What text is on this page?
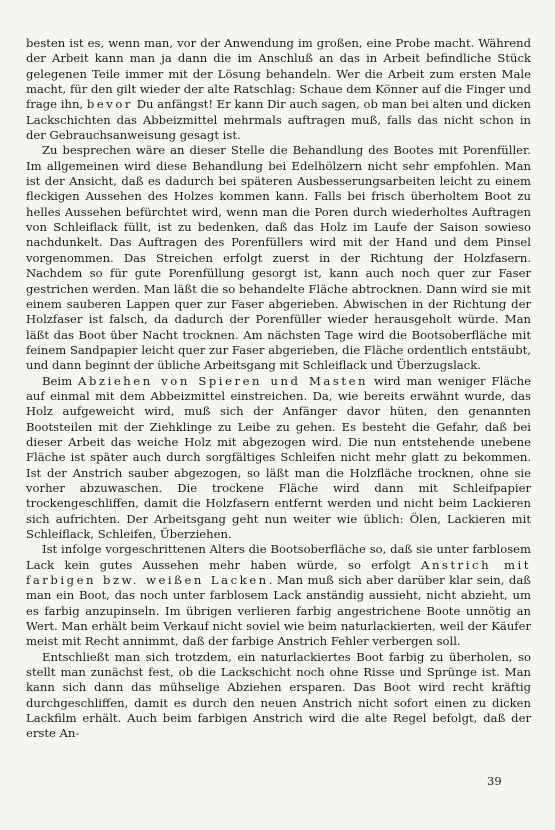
besten ist es, wenn man, vor der Anwendung im großen, eine Probe macht. Während der Arbeit kann man ja dann die im Anschluß an das in Arbeit befindliche Stück gelegenen Teile immer mit der Lösung behandeln. Wer die Arbeit zum ersten Male macht, für den gilt wieder der alte Ratschlag: Schaue dem Könner auf die Finger und frage ihn, bevor Du anfängst! Er kann Dir auch sagen, ob man bei alten und dicken Lackschichten das Abbeizmittel mehrmals auftragen muß, falls das nicht schon in der Gebrauchsanweisung gesagt ist.

Zu besprechen wäre an dieser Stelle die Behandlung des Bootes mit Porenfüller. Im allgemeinen wird diese Behandlung bei Edelhölzern nicht sehr empfohlen. Man ist der Ansicht, daß es dadurch bei späteren Ausbesserungsarbeiten leicht zu einem fleckigen Aussehen des Holzes kommen kann. Falls bei frisch überholtem Boot zu helles Aussehen befürchtet wird, wenn man die Poren durch wiederholtes Auftragen von Schleiflack füllt, ist zu bedenken, daß das Holz im Laufe der Saison sowieso nachdunkelt. Das Auftragen des Porenfüllers wird mit der Hand und dem Pinsel vorgenommen. Das Streichen erfolgt zuerst in der Richtung der Holzfasern. Nachdem so für gute Porenfüllung gesorgt ist, kann auch noch quer zur Faser gestrichen werden. Man läßt die so behandelte Fläche abtrocknen. Dann wird sie mit einem sauberen Lappen quer zur Faser abgerieben. Abwischen in der Richtung der Holzfaser ist falsch, da dadurch der Porenfüller wieder herausgeholt würde. Man läßt das Boot über Nacht trocknen. Am nächsten Tage wird die Bootsoberfläche mit feinem Sandpapier leicht quer zur Faser abgerieben, die Fläche ordentlich entstäubt, und dann beginnt der übliche Arbeitsgang mit Schleiflack und Überzugslack.

Beim Abziehen von Spieren und Masten wird man weniger Fläche auf einmal mit dem Abbeizmittel einstreichen. Da, wie bereits erwähnt wurde, das Holz aufgeweicht wird, muß sich der Anfänger davor hüten, den genannten Bootsteilen mit der Ziehklinge zu Leibe zu gehen. Es besteht die Gefahr, daß bei dieser Arbeit das weiche Holz mit abgezogen wird. Die nun entstehende unebene Fläche ist später auch durch sorgfältiges Schleifen nicht mehr glatt zu bekommen. Ist der Anstrich sauber abgezogen, so läßt man die Holzfläche trocknen, ohne sie vorher abzuwaschen. Die trockene Fläche wird dann mit Schleifpapier trockengeschliffen, damit die Holzfasern entfernt werden und nicht beim Lackieren sich aufrichten. Der Arbeitsgang geht nun weiter wie üblich: Ölen, Lackieren mit Schleiflack, Schleifen, Überziehen.

Ist infolge vorgeschrittenen Alters die Bootsoberfläche so, daß sie unter farblosem Lack kein gutes Aussehen mehr haben würde, so erfolgt Anstrich mit farbigen bzw. weißen Lacken. Man muß sich aber darüber klar sein, daß man ein Boot, das noch unter farblosem Lack anständig aussieht, nicht abzieht, um es farbig anzupinseln. Im übrigen verlieren farbig angestrichene Boote unnötig an Wert. Man erhält beim Verkauf nicht soviel wie beim naturlackierten, weil der Käufer meist mit Recht annimmt, daß der farbige Anstrich Fehler verbergen soll.

Entschließt man sich trotzdem, ein naturlackiertes Boot farbig zu überholen, so stellt man zunächst fest, ob die Lackschicht noch ohne Risse und Sprünge ist. Man kann sich dann das mühselige Abziehen ersparen. Das Boot wird recht kräftig durchgeschliffen, damit es durch den neuen Anstrich nicht sofort einen zu dicken Lackfilm erhält. Auch beim farbigen Anstrich wird die alte Regel befolgt, daß der erste An-

39
